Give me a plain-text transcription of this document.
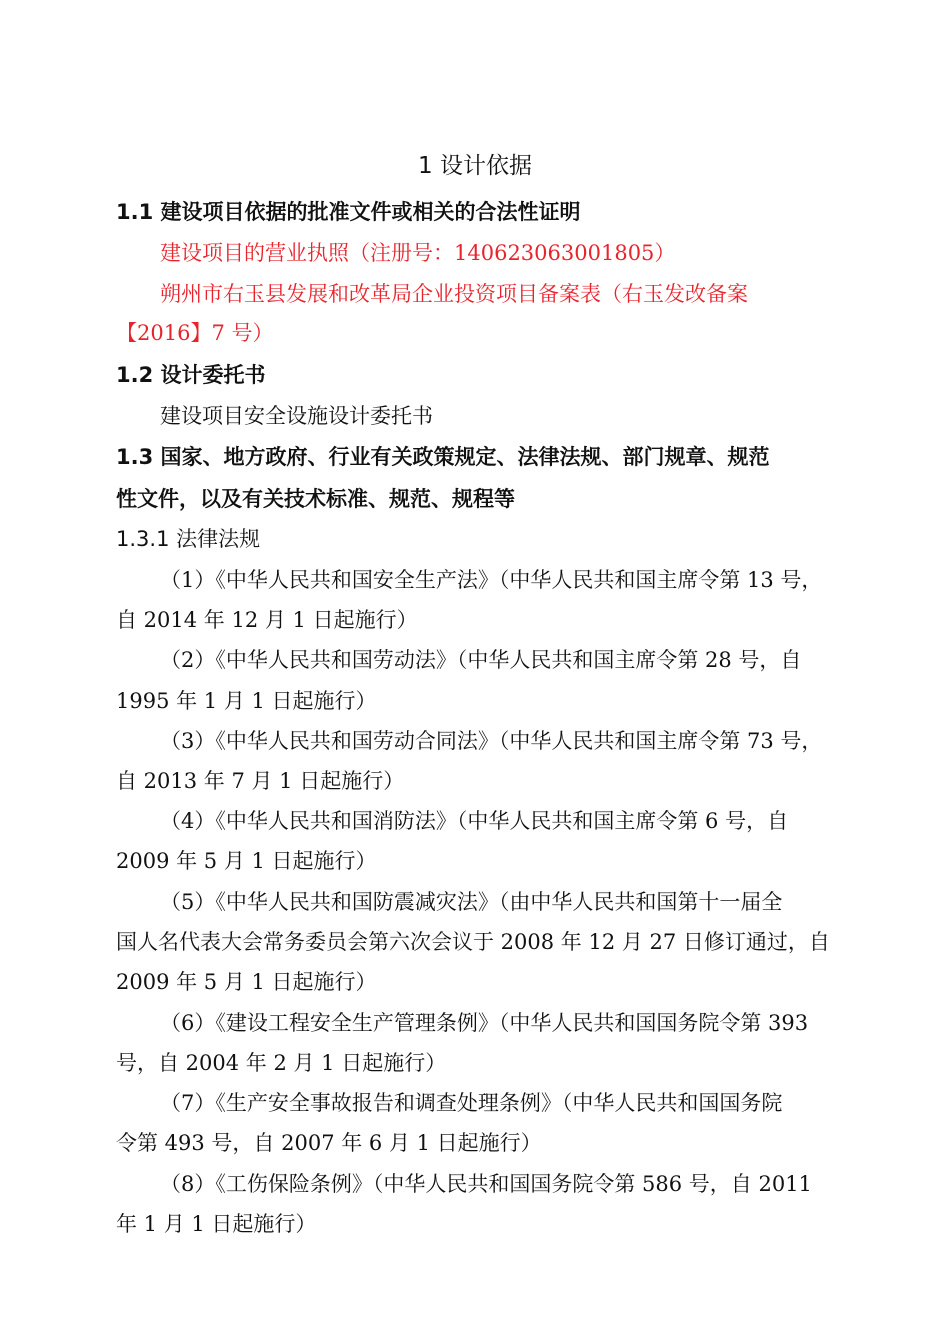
1 设计依据
1.1 建设项目依据的批准文件或相关的合法性证明
建设项目的营业执照（注册号：140623063001805）
朔州市右玉县发展和改革局企业投资项目备案表（右玉发改备案
【2016】7 号）
1.2 设计委托书
建设项目安全设施设计委托书
1.3 国家、地方政府、行业有关政策规定、法律法规、部门规章、规范
性文件，以及有关技术标准、规范、规程等
1.3.1 法律法规
（1）《中华人民共和国安全生产法》（中华人民共和国主席令第 13 号，
自 2014 年 12 月 1 日起施行）
（2）《中华人民共和国劳动法》（中华人民共和国主席令第 28 号，自
1995 年 1 月 1 日起施行）
（3）《中华人民共和国劳动合同法》（中华人民共和国主席令第 73 号，
自 2013 年 7 月 1 日起施行）
（4）《中华人民共和国消防法》（中华人民共和国主席令第 6 号，自
2009 年 5 月 1 日起施行）
（5）《中华人民共和国防震减灾法》（由中华人民共和国第十一届全
国人名代表大会常务委员会第六次会议于 2008 年 12 月 27 日修订通过，自
2009 年 5 月 1 日起施行）
（6）《建设工程安全生产管理条例》（中华人民共和国国务院令第 393
号，自 2004 年 2 月 1 日起施行）
（7）《生产安全事故报告和调查处理条例》（中华人民共和国国务院
令第 493 号，自 2007 年 6 月 1 日起施行）
（8）《工伤保险条例》（中华人民共和国国务院令第 586 号，自 2011
年 1 月 1 日起施行）
